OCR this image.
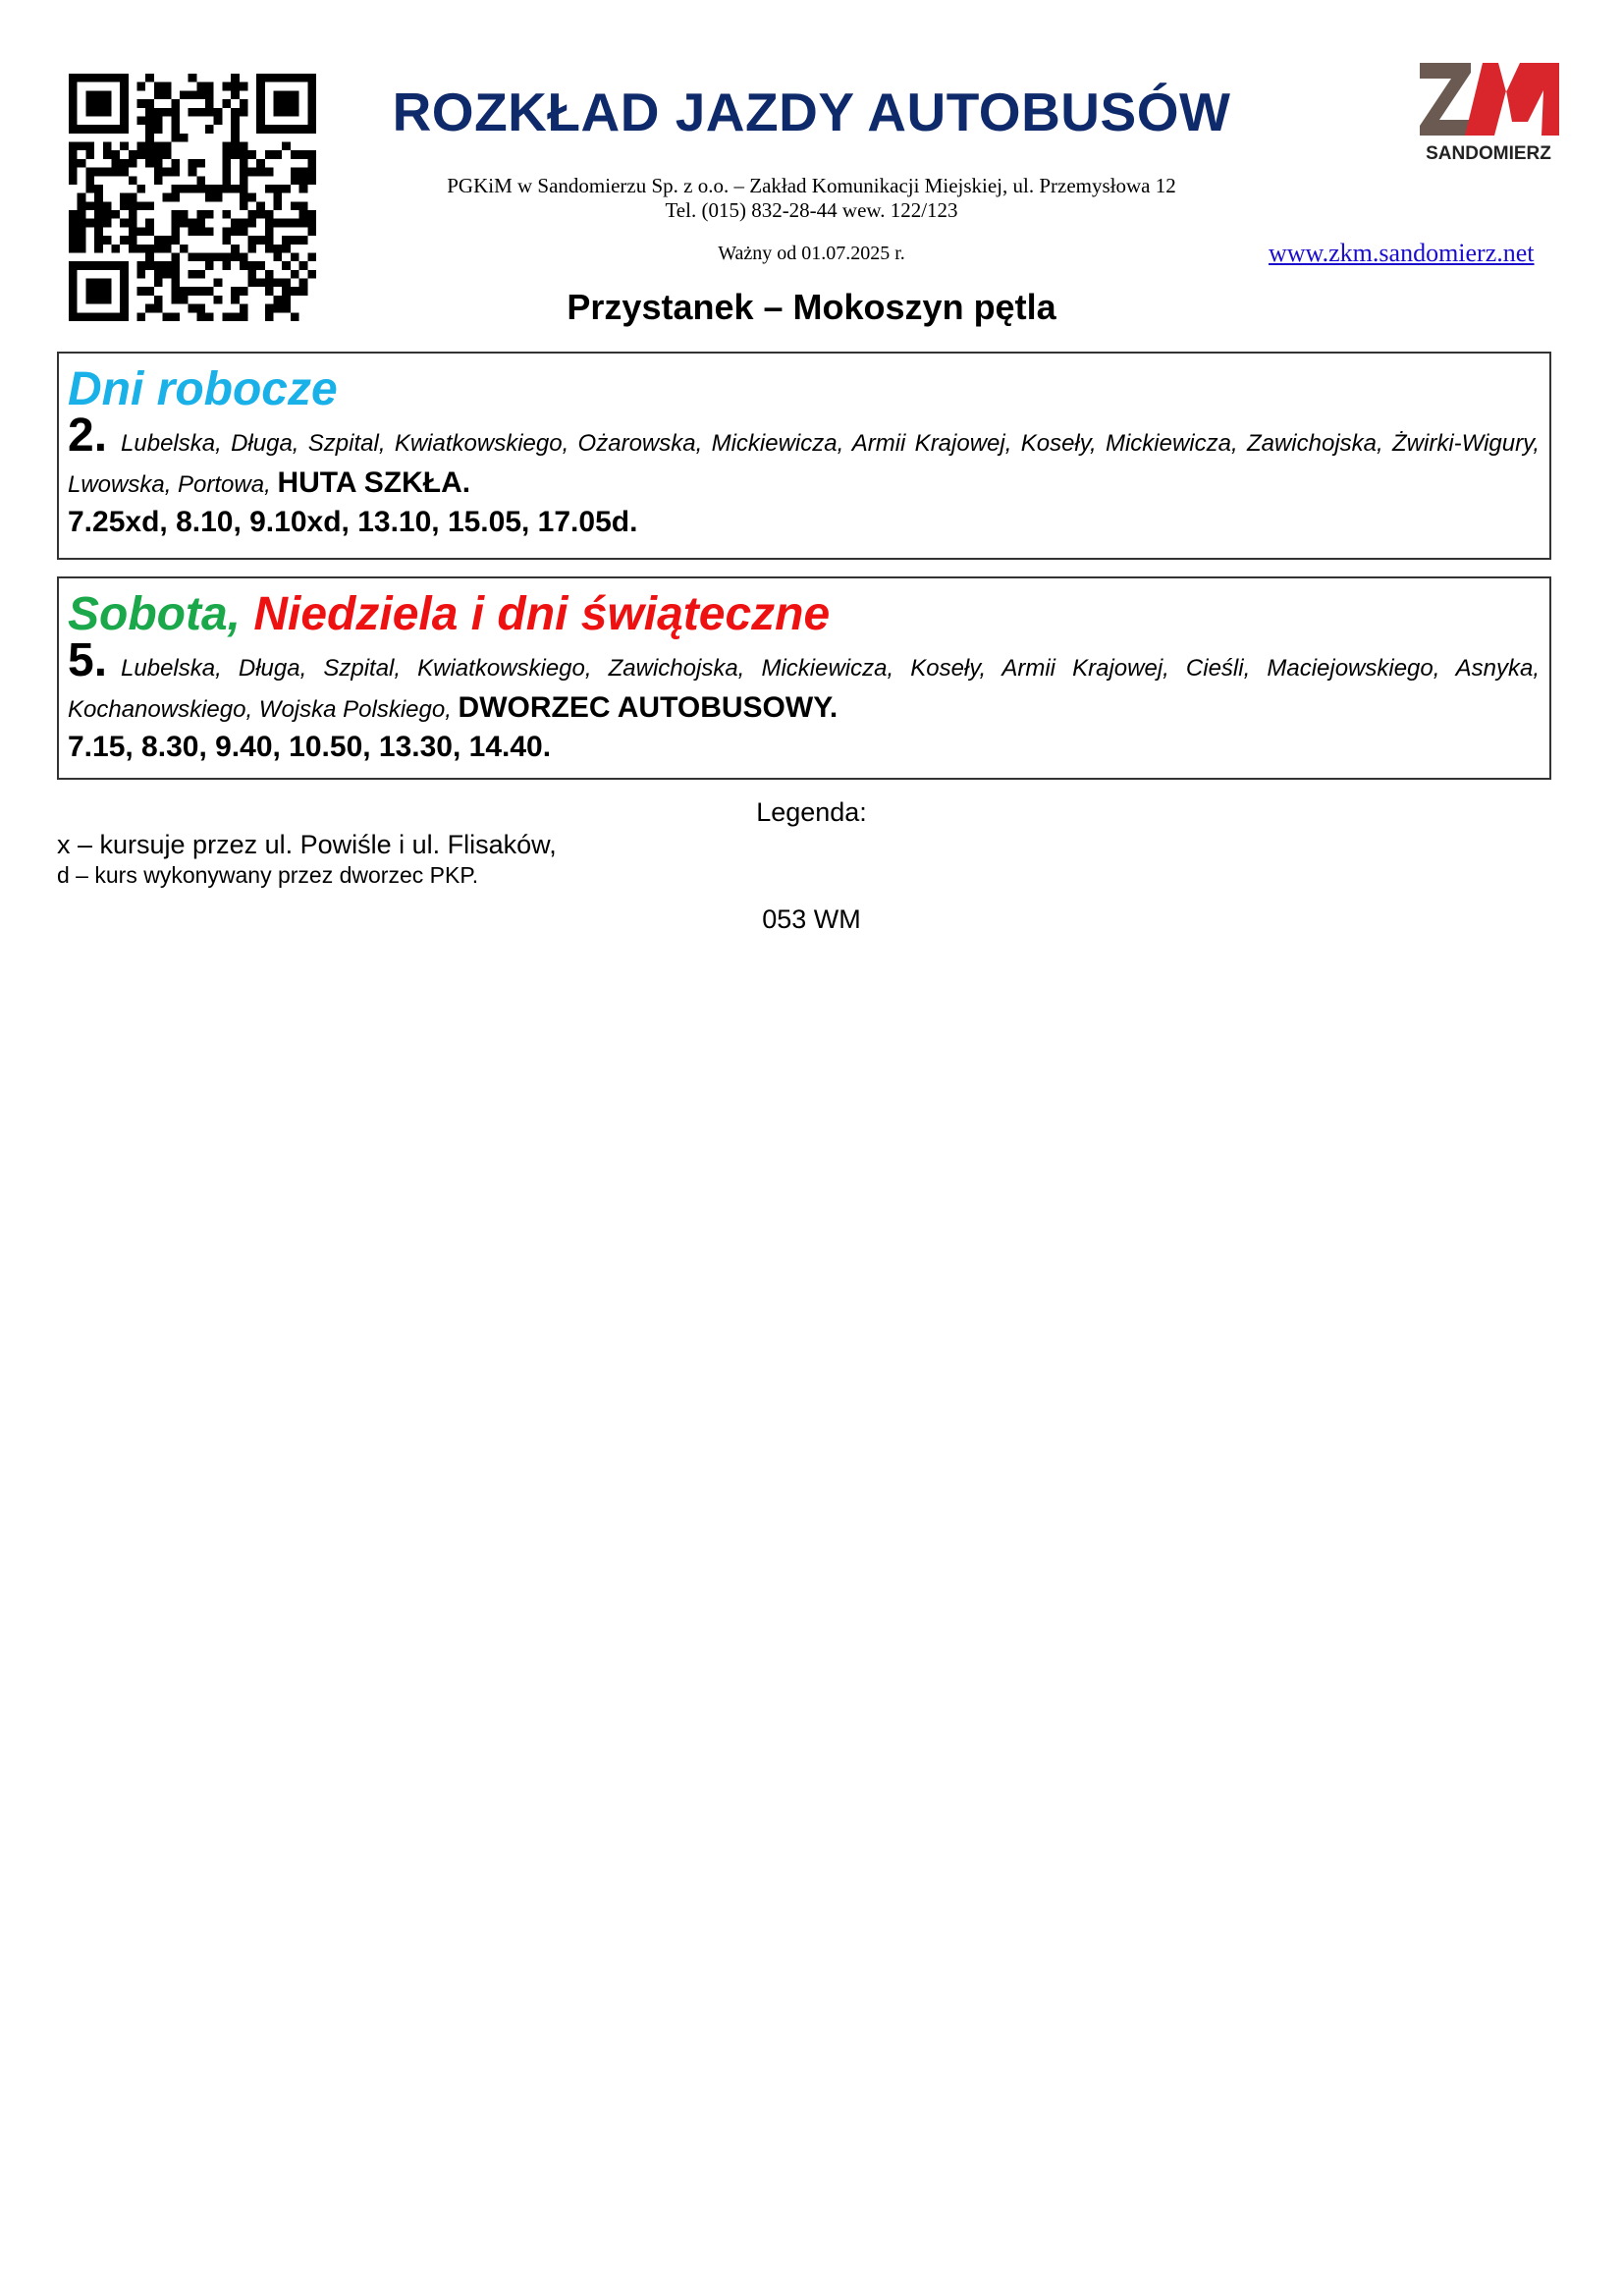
SANDOMIERZ
ROZKŁAD JAZDY AUTOBUSÓW
PGKiM w Sandomierzu Sp. z o.o. – Zakład Komunikacji Miejskiej, ul. Przemysłowa 12
Tel. (015) 832-28-44 wew. 122/123
Ważny od 01.07.2025 r.	www.zkm.sandomierz.net
Przystanek – Mokoszyn pętla
Dni robocze
2. Lubelska, Długa, Szpital, Kwiatkowskiego, Ożarowska, Mickiewicza, Armii Krajowej, Koseły, Mickiewicza, Zawichojska, Żwirki-Wigury, Lwowska, Portowa, HUTA SZKŁA.
7.25xd, 8.10, 9.10xd, 13.10, 15.05, 17.05d.
Sobota, Niedziela i dni świąteczne
5. Lubelska, Długa, Szpital, Kwiatkowskiego, Zawichojska, Mickiewicza, Koseły, Armii Krajowej, Cieśli, Maciejowskiego, Asnyka, Kochanowskiego, Wojska Polskiego, DWORZEC AUTOBUSOWY.
7.15, 8.30, 9.40, 10.50, 13.30, 14.40.
Legenda:
x – kursuje przez ul. Powiśle i ul. Flisaków,
d – kurs wykonywany przez dworzec PKP.
053 WM
